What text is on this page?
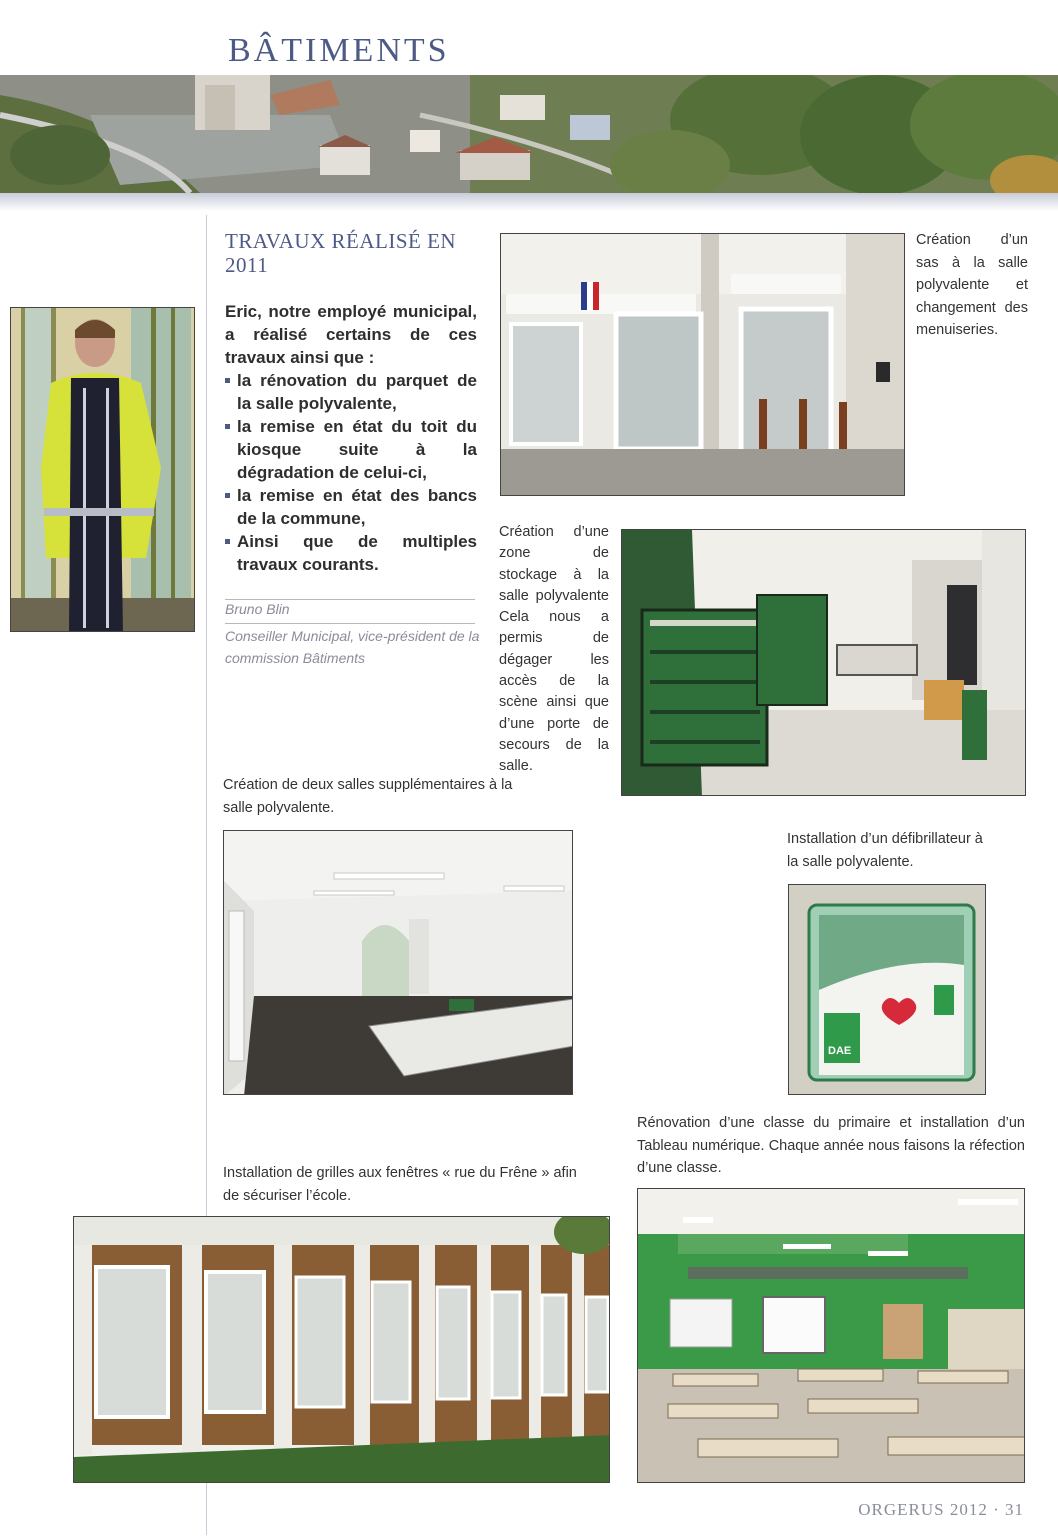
BÂTIMENTS
TRAVAUX RÉALISÉ EN 2011

Eric, notre employé municipal, a réalisé certains de ces travaux ainsi que :

la rénovation du parquet de la salle polyvalente,
la remise en état du toit du kiosque suite à la dégradation de celui-ci,
la remise en état des bancs de la commune,
Ainsi que de multiples travaux courants.
Bruno Blin
Conseiller Municipal, vice-président de la commission Bâtiments

Création d’un sas à la salle polyvalente et changement des menuiseries.

Création d’une zone de stockage à la salle polyvalente Cela nous a permis de dégager les accès de la scène ainsi que d’une porte de secours de la salle.

Création de deux salles supplémentaires à la salle polyvalente.

Installation d’un défibrillateur à la salle polyvalente.

DAE

Rénovation d’une classe du primaire et installation d’un Tableau numérique. Chaque année nous faisons la réfection d’une classe.

Installation de grilles aux fenêtres « rue du Frêne » afin de sécuriser l’école.

ORGERUS 2012 · 31
